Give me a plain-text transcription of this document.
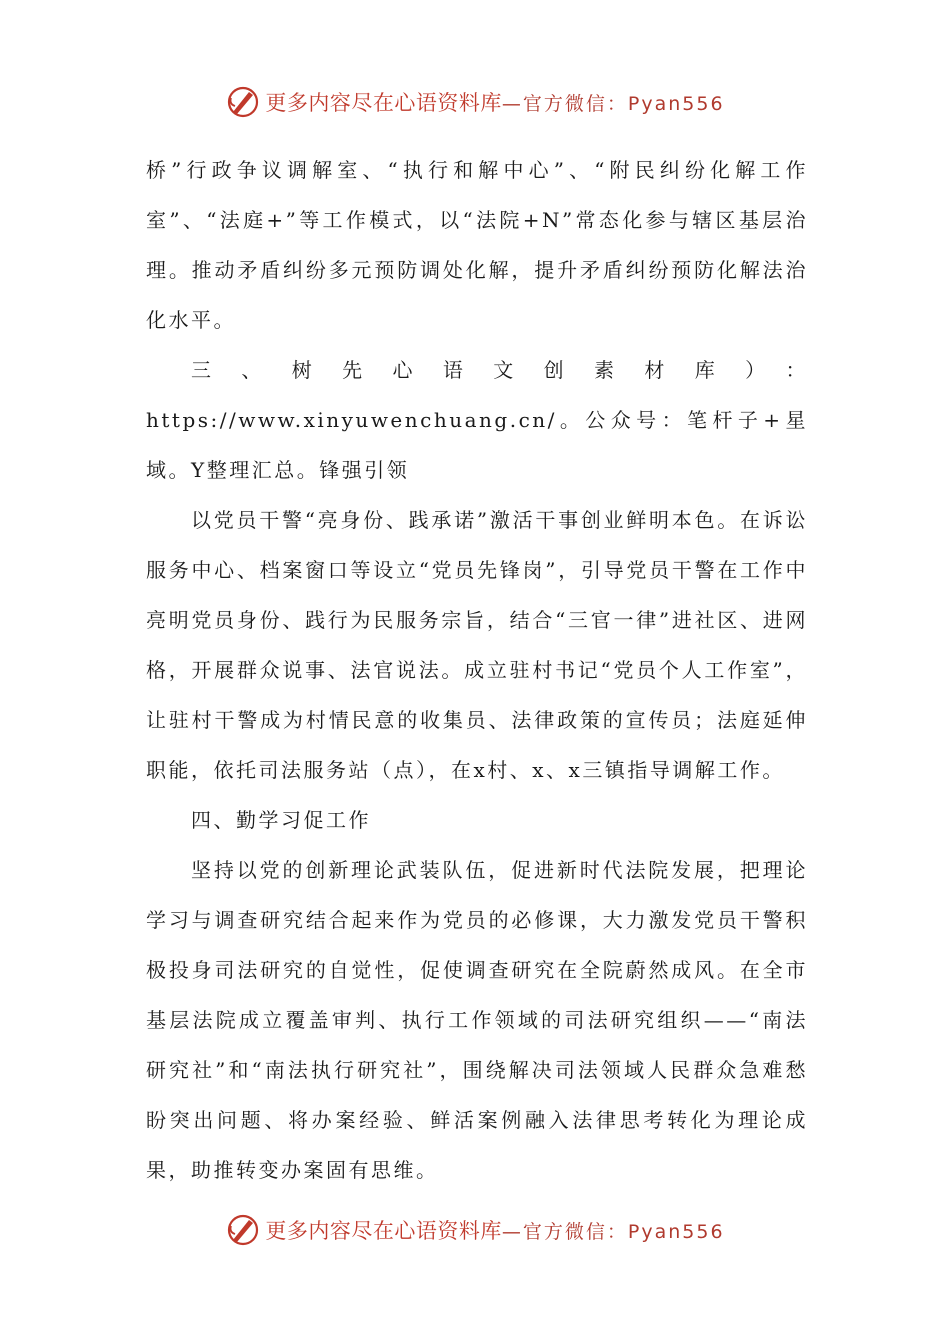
更多内容尽在心语资料库 —官方微信：Pyan556

桥”行政争议调解室、“执行和解中心”、“附民纠纷化解工作室”、“法庭+”等工作模式，以“法院+N”常态化参与辖区基层治理。推动矛盾纠纷多元预防调处化解，提升矛盾纠纷预防化解法治化水平。

三、树先心语文创素材库）：https://www.xinyuwenchuang.cn/。公众号：笔杆子+星域。Y整理汇总。锋强引领

以党员干警“亮身份、践承诺”激活干事创业鲜明本色。在诉讼服务中心、档案窗口等设立“党员先锋岗”，引导党员干警在工作中亮明党员身份、践行为民服务宗旨，结合“三官一律”进社区、进网格，开展群众说事、法官说法。成立驻村书记“党员个人工作室”，让驻村干警成为村情民意的收集员、法律政策的宣传员；法庭延伸职能，依托司法服务站（点），在x村、x、x三镇指导调解工作。

四、勤学习促工作

坚持以党的创新理论武装队伍，促进新时代法院发展，把理论学习与调查研究结合起来作为党员的必修课，大力激发党员干警积极投身司法研究的自觉性，促使调查研究在全院蔚然成风。在全市基层法院成立覆盖审判、执行工作领域的司法研究组织——“南法研究社”和“南法执行研究社”，围绕解决司法领域人民群众急难愁盼突出问题、将办案经验、鲜活案例融入法律思考转化为理论成果，助推转变办案固有思维。

更多内容尽在心语资料库 —官方微信：Pyan556
